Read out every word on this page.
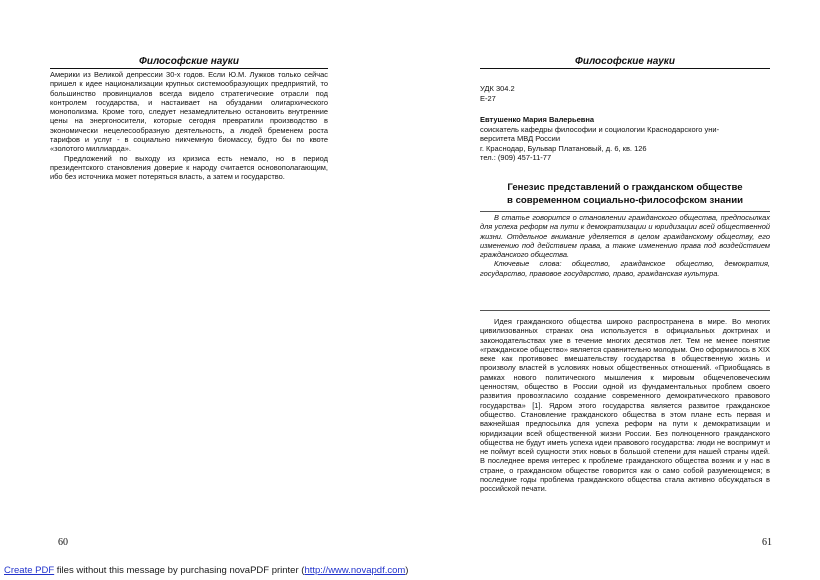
Философские науки

Америки из Великой депрессии 30-х годов. Если Ю.М. Лужков только сейчас пришел к идее национализации крупных системообразующих предприятий, то большинство провинциалов всегда видело стратегические отрасли под контролем государства, и настаивает на обуздании олигархического монополизма. Кроме того, следует незамедлительно остановить внутренние цены на энергоносители, которые сегодня превратили производство в экономически нецелесообразную деятельность, а людей бременем роста тарифов и услуг - в социально никчемную биомассу, будто бы по квоте «золотого миллиарда».

Предложений по выходу из кризиса есть немало, но в период президентского становления доверие к народу считается основополагающим, ибо без источника может потеряться власть, а затем и государство.

60
Философские науки
УДК 304.2
Е-27
Евтушенко Мария Валерьевна
соискатель кафедры философии и социологии Краснодарского уни-
верситета МВД России
г. Краснодар, Бульвар Платановый, д. 6, кв. 126
тел.: (909) 457-11-77
Генезис представлений о гражданском обществе
в современном социально-философском знании

В статье говорится о становлении гражданского общества, предпосылках для успеха реформ на пути к демократизации и юридизации всей общественной жизни. Отдельное внимание уделяется в целом гражданскому обществу, его изменению под действием права, а также изменению права под воздействием гражданского общества.

Ключевые слова: общество, гражданское общество, демократия, государство, правовое государство, право, гражданская культура.

Идея гражданского общества широко распространена в мире. Во многих цивилизованных странах она используется в официальных доктринах и законодательствах уже в течение многих десятков лет. Тем не менее понятие «гражданское общество» является сравнительно молодым. Оно оформилось в XIX веке как противовес вмешательству государства в общественную жизнь и произволу властей в условиях новых общественных отношений. «Приобщаясь в рамках нового политического мышления к мировым общечеловеческим ценностям, общество в России одной из фундаментальных проблем своего развития провозгласило создание современного демократического правового государства» [1]. Ядром этого государства является развитое гражданское общество. Становление гражданского общества в этом плане есть первая и важнейшая предпосылка для успеха реформ на пути к демократизации и юридизации всей общественной жизни России. Без полноценного гражданского общества не будут иметь успеха идеи правового государства: люди не воспримут и не поймут всей сущности этих новых в большой степени для нашей страны идей. В последнее время интерес к проблеме гражданского общества возник и у нас в стране, о гражданском обществе говорится как о само собой разумеющемся; в последние годы проблема гражданского общества стала активно обсуждаться в российской печати.

61
Create PDF files without this message by purchasing novaPDF printer (http://www.novapdf.com)
